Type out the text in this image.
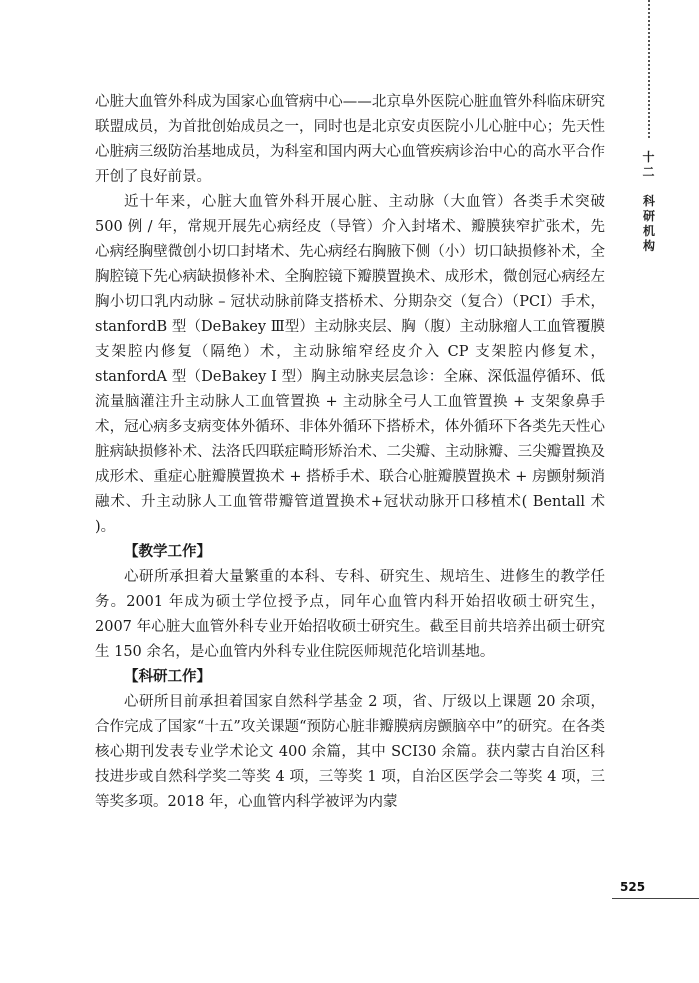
十二
科
研
机
构

心脏大血管外科成为国家心血管病中心——北京阜外医院心脏血管外科临床研究联盟成员，为首批创始成员之一，同时也是北京安贞医院小儿心脏中心；先天性心脏病三级防治基地成员，为科室和国内两大心血管疾病诊治中心的高水平合作开创了良好前景。

近十年来，心脏大血管外科开展心脏、主动脉（大血管）各类手术突破 500 例 / 年，常规开展先心病经皮（导管）介入封堵术、瓣膜狭窄扩张术，先心病经胸壁微创小切口封堵术、先心病经右胸腋下侧（小）切口缺损修补术，全胸腔镜下先心病缺损修补术、全胸腔镜下瓣膜置换术、成形术，微创冠心病经左胸小切口乳内动脉 – 冠状动脉前降支搭桥术、分期杂交（复合）（PCI）手术，stanfordB 型（DeBakey Ⅲ型）主动脉夹层、胸（腹）主动脉瘤人工血管覆膜支架腔内修复（隔绝）术，主动脉缩窄经皮介入 CP 支架腔内修复术，stanfordA 型（DeBakey I 型）胸主动脉夹层急诊：全麻、深低温停循环、低流量脑灌注升主动脉人工血管置换 + 主动脉全弓人工血管置换 + 支架象鼻手术，冠心病多支病变体外循环、非体外循环下搭桥术，体外循环下各类先天性心脏病缺损修补术、法洛氏四联症畸形矫治术、二尖瓣、主动脉瓣、三尖瓣置换及成形术、重症心脏瓣膜置换术 + 搭桥手术、联合心脏瓣膜置换术 + 房颤射频消融术、升主动脉人工血管带瓣管道置换术+冠状动脉开口移植术( Bentall 术 )。

【教学工作】

心研所承担着大量繁重的本科、专科、研究生、规培生、进修生的教学任务。2001 年成为硕士学位授予点，同年心血管内科开始招收硕士研究生，2007 年心脏大血管外科专业开始招收硕士研究生。截至目前共培养出硕士研究生 150 余名，是心血管内外科专业住院医师规范化培训基地。

【科研工作】

心研所目前承担着国家自然科学基金 2 项，省、厅级以上课题 20 余项，合作完成了国家“十五”攻关课题“预防心脏非瓣膜病房颤脑卒中”的研究。在各类核心期刊发表专业学术论文 400 余篇，其中 SCI30 余篇。获内蒙古自治区科技进步或自然科学奖二等奖 4 项，三等奖 1 项，自治区医学会二等奖 4 项，三等奖多项。2018 年，心血管内科学被评为内蒙

525
